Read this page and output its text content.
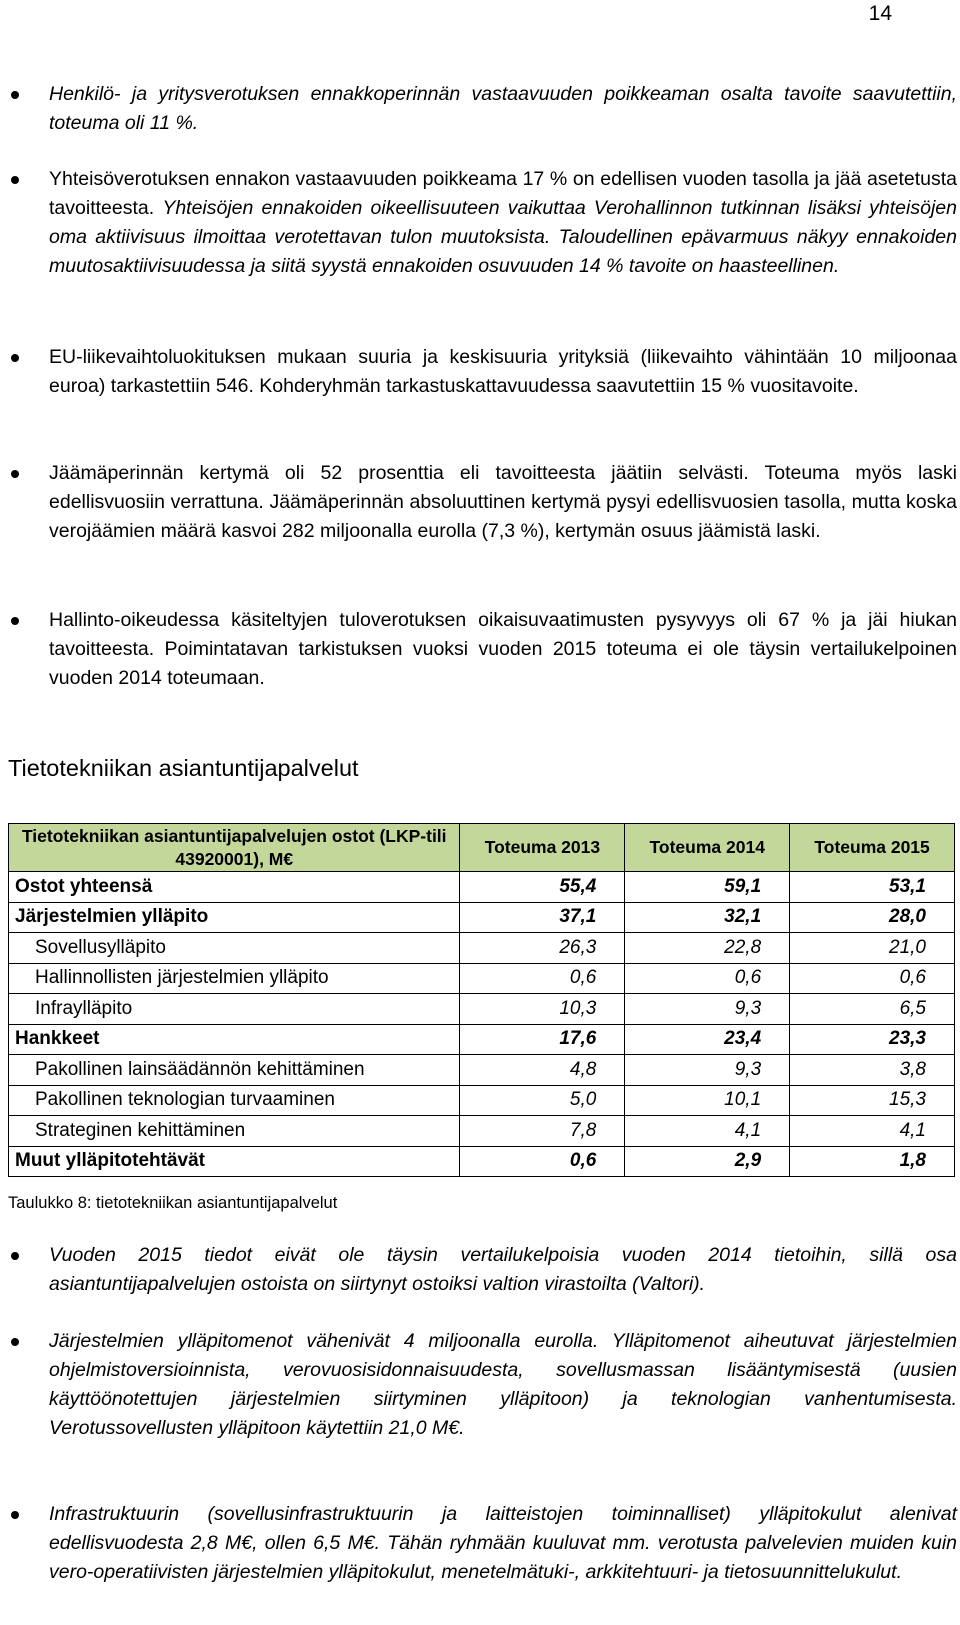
14
Henkilö- ja yritysverotuksen ennakkoperinnän vastaavuuden poikkeaman osalta tavoite saavutettiin, toteuma oli 11 %.
Yhteisöverotuksen ennakon vastaavuuden poikkeama 17 % on edellisen vuoden tasolla ja jää asetetusta tavoitteesta. Yhteisöjen ennakoiden oikeellisuuteen vaikuttaa Verohallinnon tutkinnan lisäksi yhteisöjen oma aktiivisuus ilmoittaa verotettavan tulon muutoksista. Taloudellinen epävarmuus näkyy ennakoiden muutosaktiivisuudessa ja siitä syystä ennakoiden osuvuuden 14 % tavoite on haasteellinen.
EU-liikevaihtoluokituksen mukaan suuria ja keskisuuria yrityksiä (liikevaihto vähintään 10 miljoonaa euroa) tarkastettiin 546. Kohderyhmän tarkastuskattavuudessa saavutettiin 15 % vuositavoite.
Jäämäperinnän kertymä oli 52 prosenttia eli tavoitteesta jäätiin selvästi. Toteuma myös laski edellisvuosiin verrattuna. Jäämäperinnän absoluuttinen kertymä pysyi edellisvuosien tasolla, mutta koska verojäämien määrä kasvoi 282 miljoonalla eurolla (7,3 %), kertymän osuus jäämistä laski.
Hallinto-oikeudessa käsiteltyjen tuloverotuksen oikaisuvaatimusten pysyvyys oli 67 % ja jäi hiukan tavoitteesta. Poimintatavan tarkistuksen vuoksi vuoden 2015 toteuma ei ole täysin vertailukelpoinen vuoden 2014 toteumaan.
Tietotekniikan asiantuntijapalvelut
Tietotekniikan asiantuntijapalvelujen ostot (LKP-tili 43920001), M€	Toteuma 2013	Toteuma 2014	Toteuma 2015
Ostot yhteensä	55,4	59,1	53,1
Järjestelmien ylläpito	37,1	32,1	28,0
Sovellusylläpito	26,3	22,8	21,0
Hallinnollisten järjestelmien ylläpito	0,6	0,6	0,6
Infraylläpito	10,3	9,3	6,5
Hankkeet	17,6	23,4	23,3
Pakollinen lainsäädännön kehittäminen	4,8	9,3	3,8
Pakollinen teknologian turvaaminen	5,0	10,1	15,3
Strateginen kehittäminen	7,8	4,1	4,1
Muut ylläpitotehtävät	0,6	2,9	1,8
Taulukko 8: tietotekniikan asiantuntijapalvelut
Vuoden 2015 tiedot eivät ole täysin vertailukelpoisia vuoden 2014 tietoihin, sillä osa asiantuntijapalvelujen ostoista on siirtynyt ostoiksi valtion virastoilta (Valtori).
Järjestelmien ylläpitomenot vähenivät 4 miljoonalla eurolla. Ylläpitomenot aiheutuvat järjestelmien ohjelmistoversioinnista, verovuosisidonnaisuudesta, sovellusmassan lisääntymisestä (uusien käyttöönotettujen järjestelmien siirtyminen ylläpitoon) ja teknologian vanhentumisesta. Verotussovellusten ylläpitoon käytettiin 21,0 M€.
Infrastruktuurin (sovellusinfrastruktuurin ja laitteistojen toiminnalliset) ylläpitokulut alenivat edellisvuodesta 2,8 M€, ollen 6,5 M€. Tähän ryhmään kuuluvat mm. verotusta palvelevien muiden kuin vero-operatiivisten järjestelmien ylläpitokulut, menetelmätuki-, arkkitehtuuri- ja tietosuunnittelukulut.
